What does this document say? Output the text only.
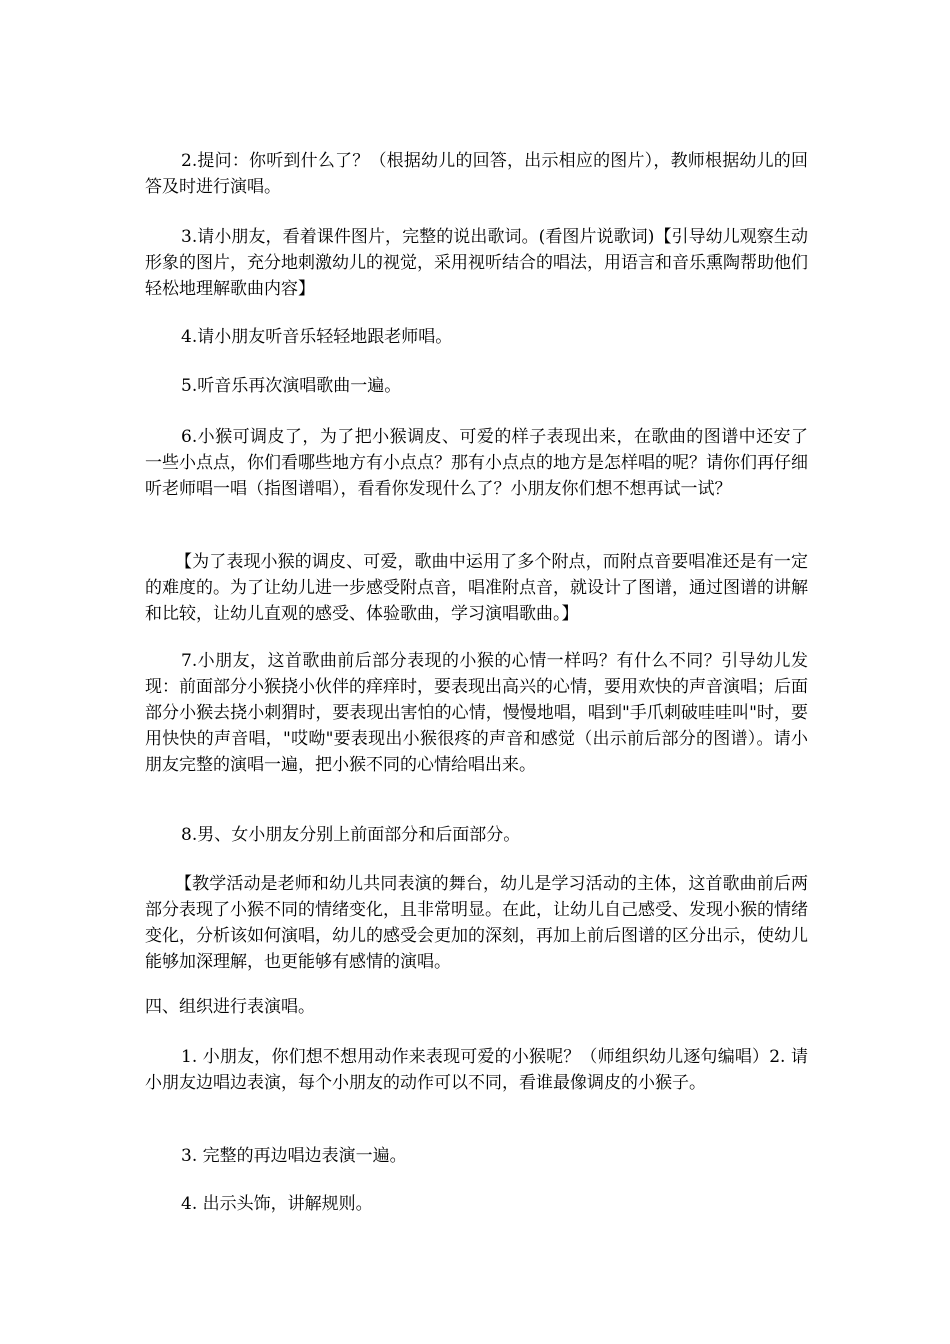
2.提问：你听到什么了？（根据幼儿的回答，出示相应的图片），教师根据幼儿的回答及时进行演唱。

3.请小朋友，看着课件图片，完整的说出歌词。(看图片说歌词)【引导幼儿观察生动形象的图片，充分地刺激幼儿的视觉，采用视听结合的唱法，用语言和音乐熏陶帮助他们轻松地理解歌曲内容】

4.请小朋友听音乐轻轻地跟老师唱。

5.听音乐再次演唱歌曲一遍。

6.小猴可调皮了，为了把小猴调皮、可爱的样子表现出来，在歌曲的图谱中还安了一些小点点，你们看哪些地方有小点点？那有小点点的地方是怎样唱的呢？请你们再仔细听老师唱一唱（指图谱唱），看看你发现什么了？小朋友你们想不想再试一试？

【为了表现小猴的调皮、可爱，歌曲中运用了多个附点，而附点音要唱准还是有一定的难度的。为了让幼儿进一步感受附点音，唱准附点音，就设计了图谱，通过图谱的讲解和比较，让幼儿直观的感受、体验歌曲，学习演唱歌曲。】

7.小朋友，这首歌曲前后部分表现的小猴的心情一样吗？有什么不同？引导幼儿发现：前面部分小猴挠小伙伴的痒痒时，要表现出高兴的心情，要用欢快的声音演唱；后面部分小猴去挠小刺猬时，要表现出害怕的心情，慢慢地唱，唱到"手爪刺破哇哇叫"时，要用快快的声音唱，"哎呦"要表现出小猴很疼的声音和感觉（出示前后部分的图谱）。请小朋友完整的演唱一遍，把小猴不同的心情给唱出来。

8.男、女小朋友分别上前面部分和后面部分。

【教学活动是老师和幼儿共同表演的舞台，幼儿是学习活动的主体，这首歌曲前后两部分表现了小猴不同的情绪变化，且非常明显。在此，让幼儿自己感受、发现小猴的情绪变化，分析该如何演唱，幼儿的感受会更加的深刻，再加上前后图谱的区分出示，使幼儿能够加深理解，也更能够有感情的演唱。

四、组织进行表演唱。

1. 小朋友，你们想不想用动作来表现可爱的小猴呢？（师组织幼儿逐句编唱）2. 请小朋友边唱边表演，每个小朋友的动作可以不同，看谁最像调皮的小猴子。

3. 完整的再边唱边表演一遍。

4. 出示头饰，讲解规则。
